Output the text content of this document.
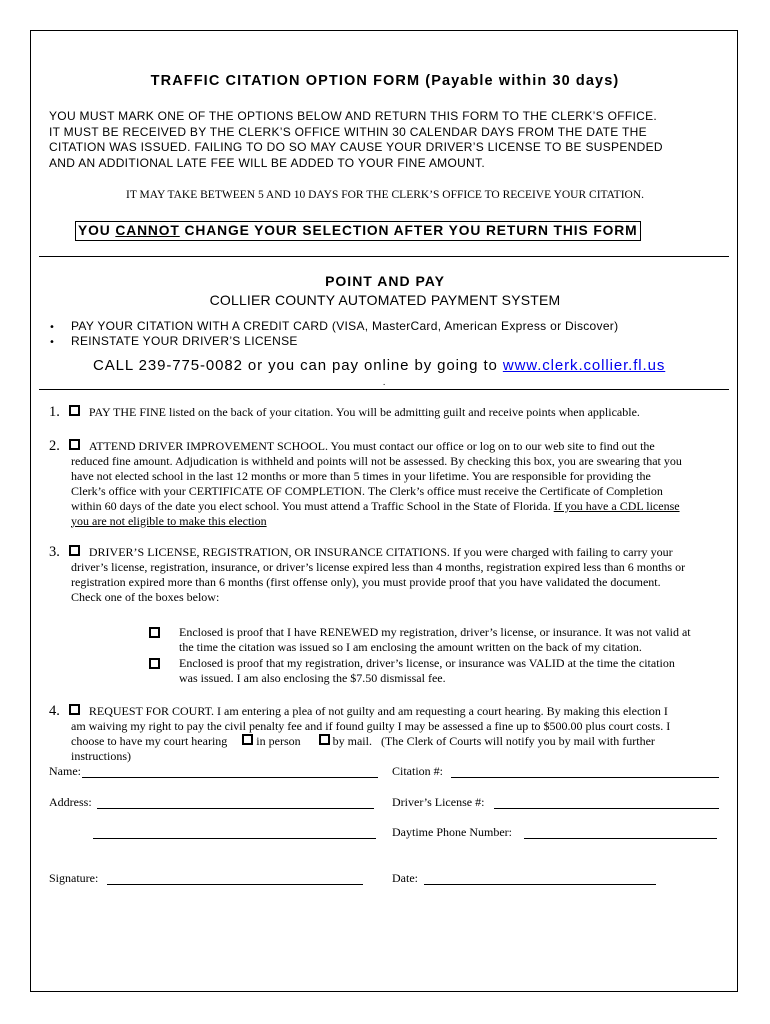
TRAFFIC CITATION OPTION FORM (Payable within 30 days)
YOU MUST MARK ONE OF THE OPTIONS BELOW AND RETURN THIS FORM TO THE CLERK’S OFFICE.
IT MUST BE RECEIVED BY THE CLERK’S OFFICE WITHIN 30 CALENDAR DAYS FROM THE DATE THE
CITATION WAS ISSUED. FAILING TO DO SO MAY CAUSE YOUR DRIVER’S LICENSE TO BE SUSPENDED
AND AN ADDITIONAL LATE FEE WILL BE ADDED TO YOUR FINE AMOUNT.
IT MAY TAKE BETWEEN 5 AND 10 DAYS FOR THE CLERK’S OFFICE TO RECEIVE YOUR CITATION.
YOU CANNOT CHANGE YOUR SELECTION AFTER YOU RETURN THIS FORM
POINT AND PAY
COLLIER COUNTY AUTOMATED PAYMENT SYSTEM
• PAY YOUR CITATION WITH A CREDIT CARD (VISA, MasterCard, American Express or Discover)
• REINSTATE YOUR DRIVER’S LICENSE
CALL 239-775-0082 or you can pay online by going to www.clerk.collier.fl.us
.
1. PAY THE FINE listed on the back of your citation. You will be admitting guilt and receive points when applicable.
2. ATTEND DRIVER IMPROVEMENT SCHOOL. You must contact our office or log on to our web site to find out the
reduced fine amount. Adjudication is withheld and points will not be assessed. By checking this box, you are swearing that you
have not elected school in the last 12 months or more than 5 times in your lifetime. You are responsible for providing the
Clerk’s office with your CERTIFICATE OF COMPLETION. The Clerk’s office must receive the Certificate of Completion
within 60 days of the date you elect school. You must attend a Traffic School in the State of Florida. If you have a CDL license
you are not eligible to make this election
3. DRIVER’S LICENSE, REGISTRATION, OR INSURANCE CITATIONS. If you were charged with failing to carry your
driver’s license, registration, insurance, or driver’s license expired less than 4 months, registration expired less than 6 months or
registration expired more than 6 months (first offense only), you must provide proof that you have validated the document.
Check one of the boxes below:
Enclosed is proof that I have RENEWED my registration, driver’s license, or insurance. It was not valid at
the time the citation was issued so I am enclosing the amount written on the back of my citation.
Enclosed is proof that my registration, driver’s license, or insurance was VALID at the time the citation
was issued. I am also enclosing the $7.50 dismissal fee.
4. REQUEST FOR COURT. I am entering a plea of not guilty and am requesting a court hearing. By making this election I
am waiving my right to pay the civil penalty fee and if found guilty I may be assessed a fine up to $500.00 plus court costs. I
choose to have my court hearing in person	by mail. (The Clerk of Courts will notify you by mail with further
instructions)
Name:	Citation #:
Address:	Driver’s License #:
Daytime Phone Number:
Signature:	Date:
